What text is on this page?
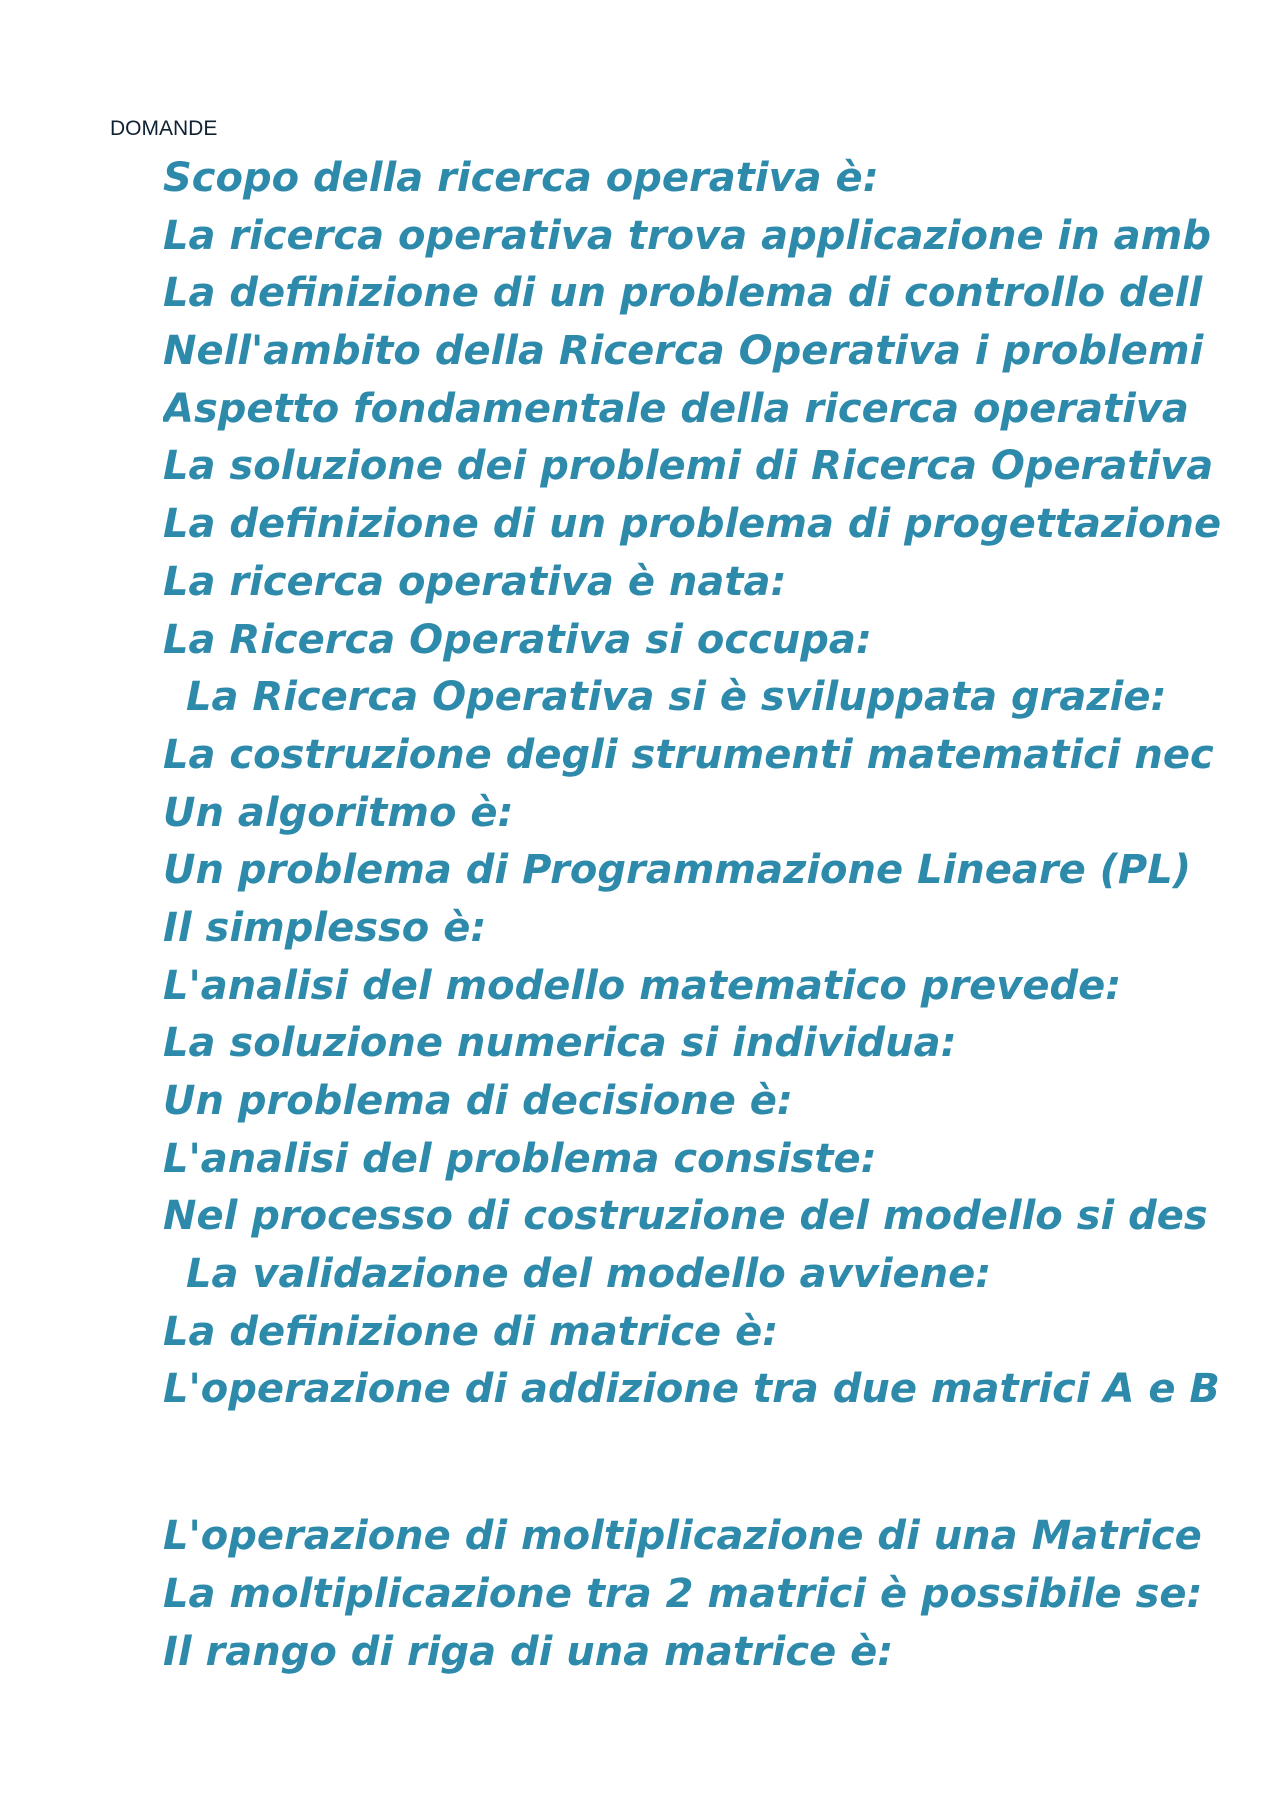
DOMANDE
Scopo della ricerca operativa è:
La ricerca operativa trova applicazione in amb
La definizione di un problema di controllo dell
Nell'ambito della Ricerca Operativa i problemi
Aspetto fondamentale della ricerca operativa
La soluzione dei problemi di Ricerca Operativa
La definizione di un problema di progettazione
La ricerca operativa è nata:
La Ricerca Operativa si occupa:
La Ricerca Operativa si è sviluppata grazie:
La costruzione degli strumenti matematici nec
Un algoritmo è:
Un problema di Programmazione Lineare (PL)
Il simplesso è:
L'analisi del modello matematico prevede:
La soluzione numerica si individua:
Un problema di decisione è:
L'analisi del problema consiste:
Nel processo di costruzione del modello si des
La validazione del modello avviene:
La definizione di matrice è:
L'operazione di addizione tra due matrici A e B
L'operazione di moltiplicazione di una Matrice
La moltiplicazione tra 2 matrici è possibile se:
Il rango di riga di una matrice è:
